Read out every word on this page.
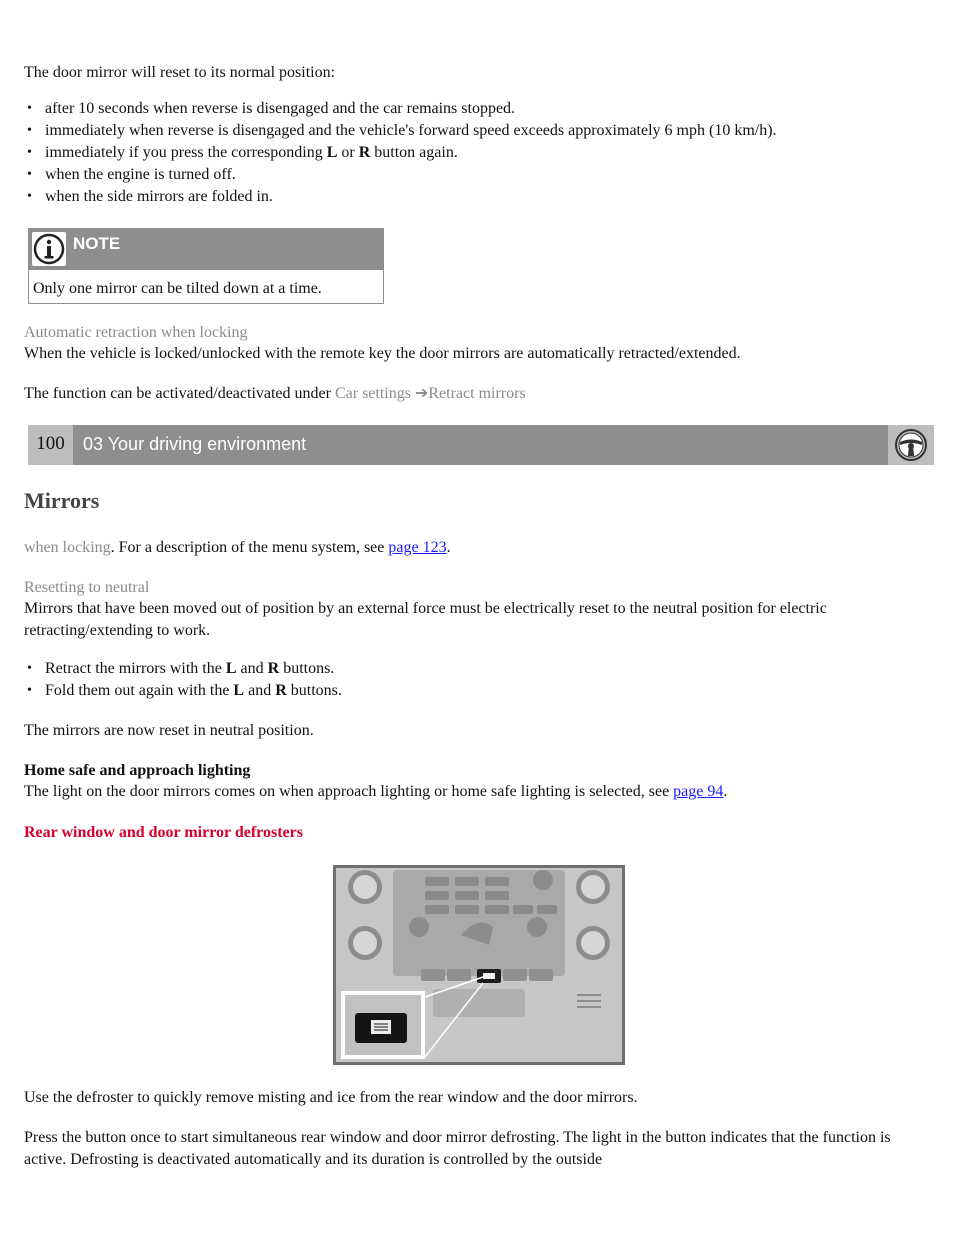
The door mirror will reset to its normal position:

• after 10 seconds when reverse is disengaged and the car remains stopped.
• immediately when reverse is disengaged and the vehicle's forward speed exceeds approximately 6 mph (10 km/h).
• immediately if you press the corresponding L or R button again.
• when the engine is turned off.
• when the side mirrors are folded in.
NOTE
Only one mirror can be tilted down at a time.

Automatic retraction when locking

When the vehicle is locked/unlocked with the remote key the door mirrors are automatically retracted/extended.

The function can be activated/deactivated under Car settings ➔Retract mirrors

100	03 Your driving environment
Mirrors

when locking. For a description of the menu system, see page 123.

Resetting to neutral

Mirrors that have been moved out of position by an external force must be electrically reset to the neutral position for electric retracting/extending to work.

• Retract the mirrors with the L and R buttons.
• Fold them out again with the L and R buttons.

The mirrors are now reset in neutral position.

Home safe and approach lighting

The light on the door mirrors comes on when approach lighting or home safe lighting is selected, see page 94.

Rear window and door mirror defrosters

Use the defroster to quickly remove misting and ice from the rear window and the door mirrors.

Press the button once to start simultaneous rear window and door mirror defrosting. The light in the button indicates that the function is active. Defrosting is deactivated automatically and its duration is controlled by the outside
